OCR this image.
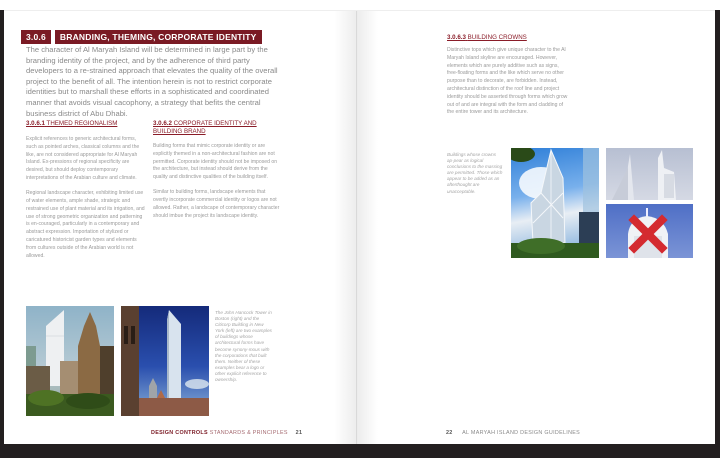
3.0.6	BRANDING, THEMING, CORPORATE IDENTITY
The character of Al Maryah Island will be determined in large part by the branding identity of the project, and by the adherence of third party developers to a re-strained approach that elevates the quality of the overall project to the benefit of all. The intention herein is not to restrict corporate identities but to marshall these efforts in a sophisticated and coordinated manner that avoids visual cacophony, a strategy that befits the central business district of Abu Dhabi.
3.0.6.1 THEMED REGIONALISM

Explicit references to generic architectural forms, such as pointed arches, classical columns and the like, are not considered appropriate for Al Maryah Island. Ex-pressions of regional specificity are desired, but should deploy contemporary interpretations of the Arabian culture and climate.

Regional landscape character, exhibiting limited use of water elements, ample shade, strategic and restrained use of plant material and its irrigation, and use of strong geometric organization and patterning is en-couraged, particularly in a contemporary and abstract expression. Importation of stylized or caricatured historicist garden types and elements from cultures outside of the Arabian world is not allowed.

3.0.6.2 CORPORATE IDENTITY AND BUILDING BRAND

Building forms that mimic corporate identity or are explicitly themed in a non-architectural fashion are not permitted. Corporate identity should not be imposed on the architecture, but instead should derive from the quality and distinctive qualities of the building itself.

Similar to building forms, landscape elements that overtly incorporate commercial identity or logos are not allowed. Rather, a landscape of contemporary character should imbue the project its landscape identity.

The John Hancock Tower in Boston (right) and the Citicorp Building in New York (left) are two examples of buildings whose architectural forms have become synony-mous with the corporations that built them. Neither of these examples bear a logo or other explicit reference to ownership.
DESIGN CONTROLS STANDARDS & PRINCIPLES 21
3.0.6.3 BUILDING CROWNS

Distinctive tops which give unique character to the Al Maryah Island skyline are encouraged. However, elements which are purely additive such as signs, free-floating forms and the like which serve no other purpose than to decorate, are forbidden. Instead, architectural distinction of the roof line and project identity should be asserted through forms which grow out of and are integral with the form and cladding of the entire tower and its architecture.

Buildings whose crowns ap-pear as logical conclusions to the massing are permitted. Those which appear to be added as an afterthought are unacceptable.
22 AL MARYAH ISLAND DESIGN GUIDELINES
